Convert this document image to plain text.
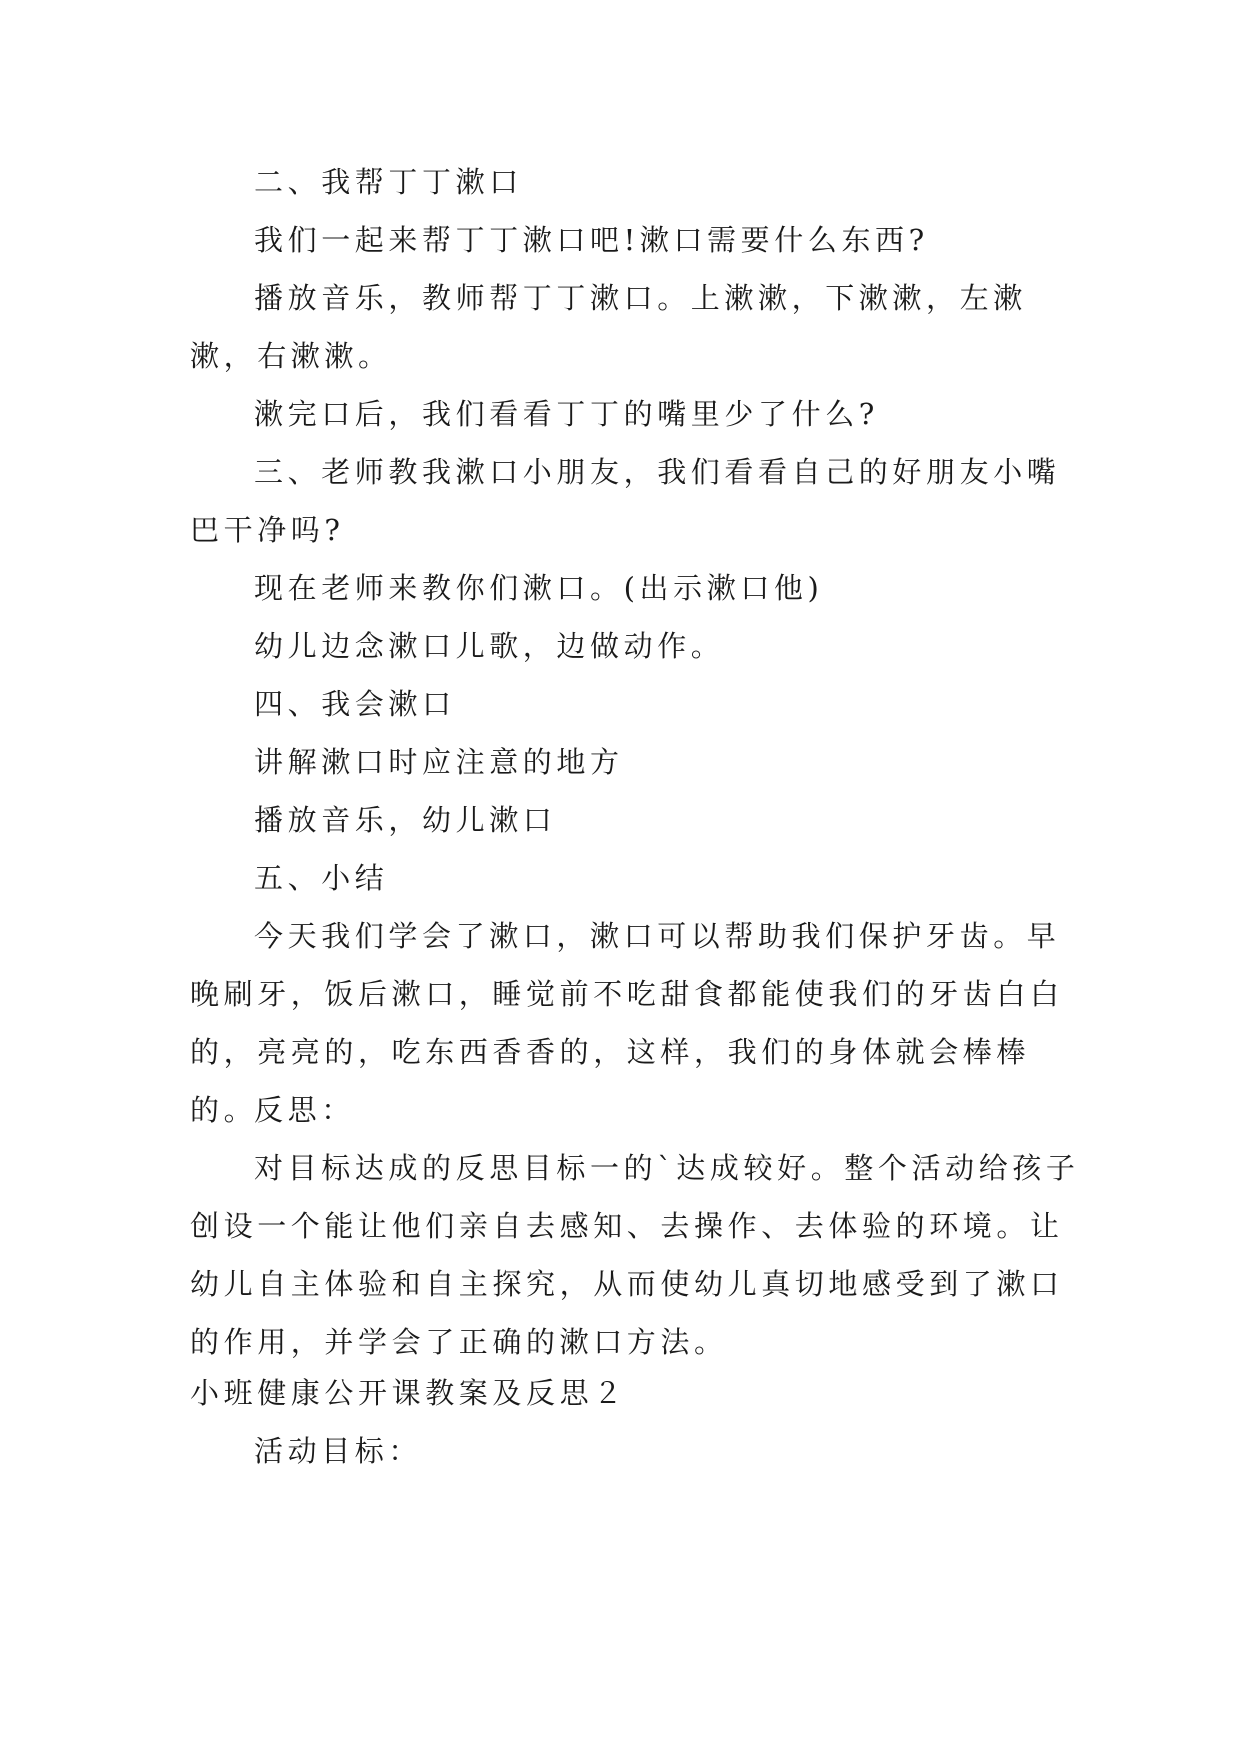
二、我帮丁丁漱口

我们一起来帮丁丁漱口吧!漱口需要什么东西?

播放音乐，教师帮丁丁漱口。上漱漱，下漱漱，左漱漱，右漱漱。

漱完口后，我们看看丁丁的嘴里少了什么?

三、老师教我漱口小朋友，我们看看自己的好朋友小嘴巴干净吗?

现在老师来教你们漱口。(出示漱口他)

幼儿边念漱口儿歌，边做动作。

四、我会漱口

讲解漱口时应注意的地方

播放音乐，幼儿漱口

五、小结

今天我们学会了漱口，漱口可以帮助我们保护牙齿。早晚刷牙，饭后漱口，睡觉前不吃甜食都能使我们的牙齿白白的，亮亮的，吃东西香香的，这样，我们的身体就会棒棒的。

反思：

对目标达成的反思目标一的`达成较好。整个活动给孩子创设一个能让他们亲自去感知、去操作、去体验的环境。让幼儿自主体验和自主探究，从而使幼儿真切地感受到了漱口的作用，并学会了正确的漱口方法。

小班健康公开课教案及反思２

活动目标：
